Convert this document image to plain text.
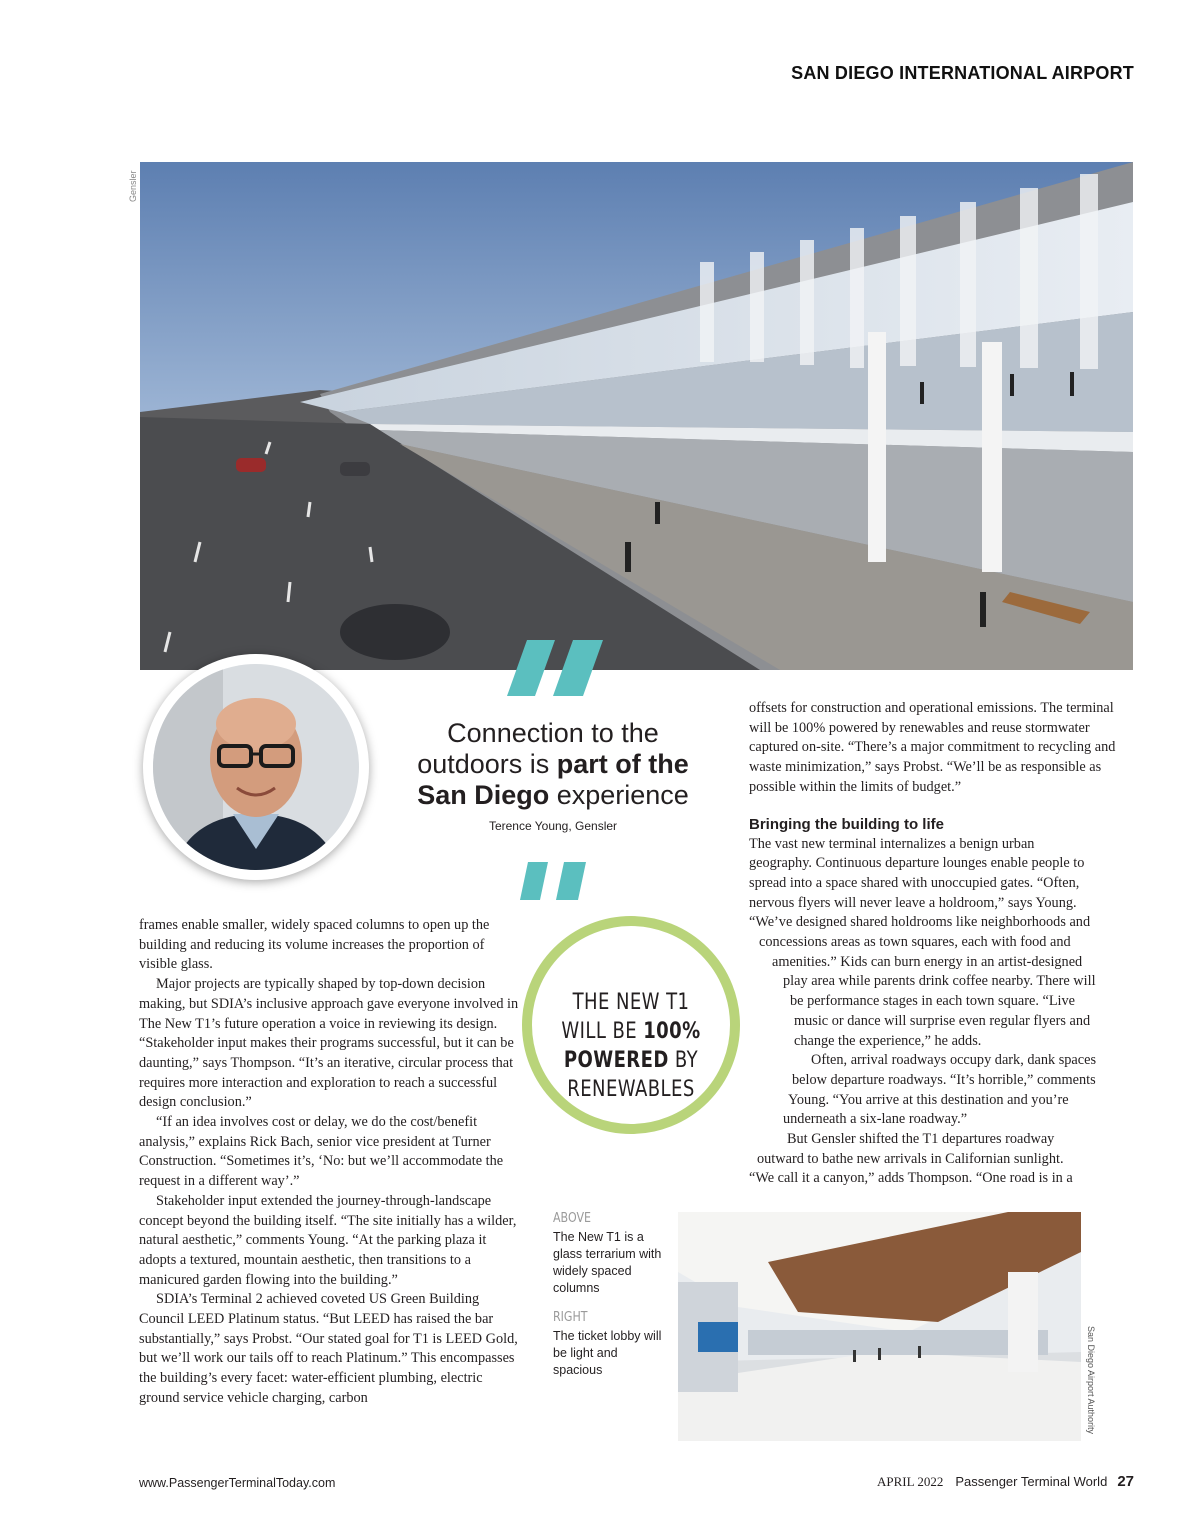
SAN DIEGO INTERNATIONAL AIRPORT
Gensler
Connection to the
outdoors is part of the
San Diego experience
Terence Young, Gensler

frames enable smaller, widely spaced columns to open up the building and reducing its volume increases the proportion of visible glass.

Major projects are typically shaped by top-down decision making, but SDIA’s inclusive approach gave everyone involved in The New T1’s future operation a voice in reviewing its design. “Stakeholder input makes their programs successful, but it can be daunting,” says Thompson. “It’s an iterative, circular process that requires more interaction and exploration to reach a successful design conclusion.”

“If an idea involves cost or delay, we do the cost/benefit analysis,” explains Rick Bach, senior vice president at Turner Construction. “Sometimes it’s, ‘No: but we’ll accommodate the request in a different way’.”

Stakeholder input extended the journey-through-landscape concept beyond the building itself. “The site initially has a wilder, natural aesthetic,” comments Young. “At the parking plaza it adopts a textured, mountain aesthetic, then transitions to a manicured garden flowing into the building.”

SDIA’s Terminal 2 achieved coveted US Green Building Council LEED Platinum status. “But LEED has raised the bar substantially,” says Probst. “Our stated goal for T1 is LEED Gold, but we’ll work our tails off to reach Platinum.” This encompasses the building’s every facet: water-efficient plumbing, electric ground service vehicle charging, carbon

THE NEW T1
WILL BE 100%
POWERED BY
RENEWABLES

offsets for construction and operational emissions. The terminal will be 100% powered by renewables and reuse stormwater captured on-site. “There’s a major commitment to recycling and waste minimization,” says Probst. “We’ll be as responsible as possible within the limits of budget.”

Bringing the building to life
The vast new terminal internalizes a benign urban
geography. Continuous departure lounges enable people to
spread into a space shared with unoccupied gates. “Often,
nervous flyers will never leave a holdroom,” says Young.
“We’ve designed shared holdrooms like neighborhoods and
concessions areas as town squares, each with food and
amenities.” Kids can burn energy in an artist-designed
play area while parents drink coffee nearby. There will
be performance stages in each town square. “Live
music or dance will surprise even regular flyers and
change the experience,” he adds.
Often, arrival roadways occupy dark, dank spaces
below departure roadways. “It’s horrible,” comments
Young. “You arrive at this destination and you’re
underneath a six-lane roadway.”
But Gensler shifted the T1 departures roadway
outward to bathe new arrivals in Californian sunlight.
“We call it a canyon,” adds Thompson. “One road is in a
ABOVE
The New T1 is a glass terrarium with widely spaced columns
RIGHT
The ticket lobby will be light and spacious	San Diego Airport Authority
www.PassengerTerminalToday.com	APRIL 2022 Passenger Terminal World 27
